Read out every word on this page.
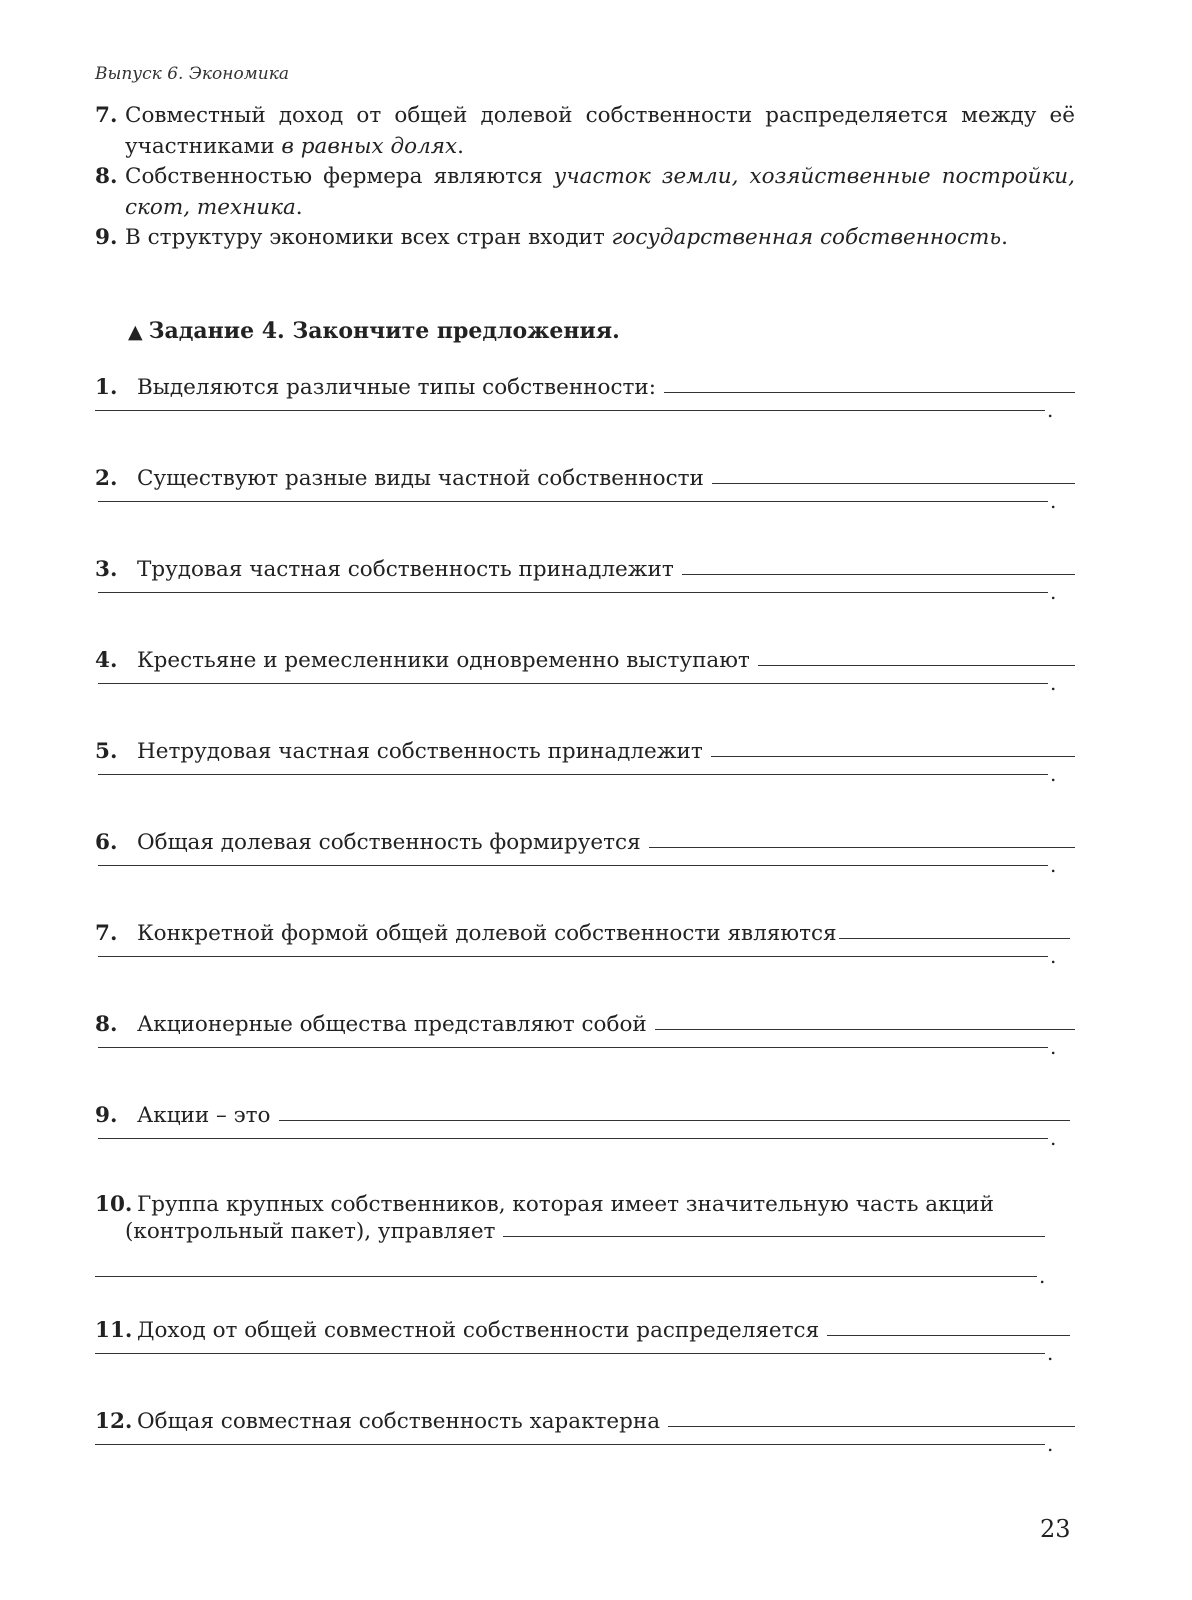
Выпуск 6. Экономика
7. Совместный доход от общей долевой собственности распределяется между её участниками в равных долях.
8. Собственностью фермера являются участок земли, хозяйственные постройки, скот, техника.
9. В структуру экономики всех стран входит государственная собственность.
▲ Задание 4. Закончите предложения.
1. Выделяются различные типы собственности:
.
2. Существуют разные виды частной собственности
.
3. Трудовая частная собственность принадлежит
.
4. Крестьяне и ремесленники одновременно выступают
.
5. Нетрудовая частная собственность принадлежит
.
6. Общая долевая собственность формируется
.
7. Конкретной формой общей долевой собственности являются
.
8. Акционерные общества представляют собой
.
9. Акции – это
.
10. Группа крупных собственников, которая имеет значительную часть акций
(контрольный пакет), управляет
.
11. Доход от общей совместной собственности распределяется
.
12. Общая совместная собственность характерна
.
23
